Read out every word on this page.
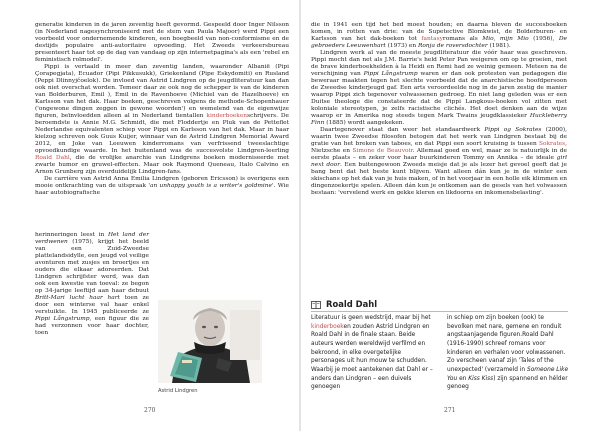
generatie kinderen in de jaren zeventig heeft gevormd. Gespeeld door Inger Nilsson (in Nederland nagesynchroniseerd met de stem van Paula Majoor) werd Pippi een voorbeeld voor ondernemende kinderen, een boegbeeld van non-conformisme en de destijds populaire anti-autoritaire opvoeding. Het Zweeds verkeersbureau presenteert haar tot op de dag van vandaag op zijn internetpagina's als een 'rebel en feministisch rolmodel'.

Pippi is vertaald in meer dan zeventig landen, waaronder Albanië (Pipi Çorapegjata), Ecuador (Pipi Pikkusukk), Griekenland (Pipe Eskydomiti) en Rusland (Peppi Dlinnyjčoelok). De invloed van Astrid Lindgren op de jeugdliteratuur kan dan ook niet overschat worden. Temeer daar ze ook nog de schepper is van de kinderen van Bolderburen, Emil ), Emil in de Ravenhoeve (Michiel van de Hazelhoeve) en Karlsson van het dak. Haar boeken, geschreven volgens de methode-Schopenhauer ('ongewone dingen zeggen in gewone woorden') en wemelend van de eigenwijze figuren, beïnvloedden alleen al in Nederland tientallen kinderboekenschrijvers. De beroemdste is Annie M.G. Schmidt, die met Floddertje en Pluk van de Petteflet Nederlandse equivalenten schiep voor Pippi en Karlsson van het dak. Maar in haar kielzog schreven ook Guus Kuijer, winnaar van de Astrid Lindgren Memorial Award 2012, en Joke van Leeuwen kinderromans van verfrissend tweeslachtige opvoedkundige waarde. In het buitenland was de succesvolste Lindgren-leerling Roald Dahl, die de vrolijke anarchie van Lindgrens boeken moderniseerde met zwarte humor en gruwel-effecten. Maar ook Raymond Queneau, Italo Calvino en Arnon Grunberg zijn overduidelijk Lindgren-fans.

De carrière van Astrid Anna Emilia Lindgren (geboren Ericsson) is overigens een mooie ontkrachting van de uitspraak 'an unhappy youth is a writer's goldmine'. Wie haar autobiografische

herinneringen leest in Het land der verdwenen (1975), krijgt het beeld van een Zuid-Zweedse plattelandsidylle, een jeugd vol veilige avonturen met zusjes en broertjes en ouders die elkaar adoreerden. Dat Lindgren schrijfster werd, was dan ook een kwestie van toeval: ze begon op 34-jarige leeftijd aan haar debuut Britt-Mari lucht haar hart toen ze door een winterse val haar enkel verstuikte. In 1945 publiceerde ze Pippi Långstrump, een figuur die ze had verzonnen voor haar dochter, toen

Astrid Lindgren
270

die in 1941 een tijd het bed moest houden; en daarna bleven de succesboeken komen, in rotten van drie: van de Supetective Blomkwist, de Bolderburen- en Karlsson van het dak-boeken tot fantasyromans als Mio, mijn Mio (1956), De gebroeders Leeuwenhart (1973) en Ronja de roversdochter (1981).

Lindgren werk al van de meeste jeugdliteratuur die vóór haar was geschreven. Pippi mocht dan net als J.M. Barrie's held Peter Pan weigeren om op te groeien, met de brave kinderboekhelden à la Heidi en Remi had ze weinig gemeen. Meteen na de verschijning van Pippi Långstrump waren er dan ook protesten van pedagogen die beweraar maakten tegen het slechte voorbeeld dat de anarchistische hoofdpersoon de Zweedse kinderjeugd gaf. Een arts veroordeelde nog in de jaren zestig de manier waarop Pippi zich tegenover volwassenen gedroeg. En niet lang geleden was er een Duitse theologe die constateerde dat de Pippi Langkous-boeken vol zitten met koloniale stereotypen, je zelfs racistische clichés. Het doet denken aan de wijze waarop er in Amerika nog steeds tegen Mark Twains jeugdklassieker Huckleberry Finn (1885) wordt aangekeken.

Daartegenover staat dan weer het standaardwerk Pippi og Sokrates (2000), waarin twee Zweedse filosofen betogen dat het werk van Lindgren bestaat bij de gratie van het breken van taboes, en dat Pippi een soort kruising is tussen Sokrates, Nietzsche en Simone de Beauvoir. Allemaal goed en wel, maar ze is natuurlijk in de eerste plaats – en zeker voor haar buurkinderen Tommy en Annika – de ideale girl next door. Een buitengewoon Zweeds meisje dat je als lezer het gevoel geeft dat je bang bent dat het beste kunt blijven. Want alleen dán kun je in de winter een skischans op het dak van je huis maken, of in het voorjaar in een holle eik klimmen en dingenzoekertje spelen. Alleen dán kun je ontkomen aan de gesels van het volwassen bestaan: 'vervelend werk en gekke kleren en likdoorns en inkomensbelasting'.

Roald Dahl
Literatuur is geen wedstrijd, maar bij het kinderboeken zouden Astrid Lindgren en Roald Dahl in de finale staan. Beide auteurs werden wereldwijd verfilmd en bekroond, in elke overgetelijke personages uit hun mouw te schudden. Waarbij je moet aantekenen dat Dahl er – anders dan Lindgren – een duivels genoegen
in schiep om zijn boeken (ook) te bevolken met nare, gemene en ronduit angstaanjagende figuren.Roald Dahl (1916-1990) schreef romans voor kinderen en verhalen voor volwassenen. Zo verscheen vanaf zijn 'Tales of the unexpected' (verzameld in Someone Like You en Kiss Kiss) zijn spannend en hélder genoeg
271
